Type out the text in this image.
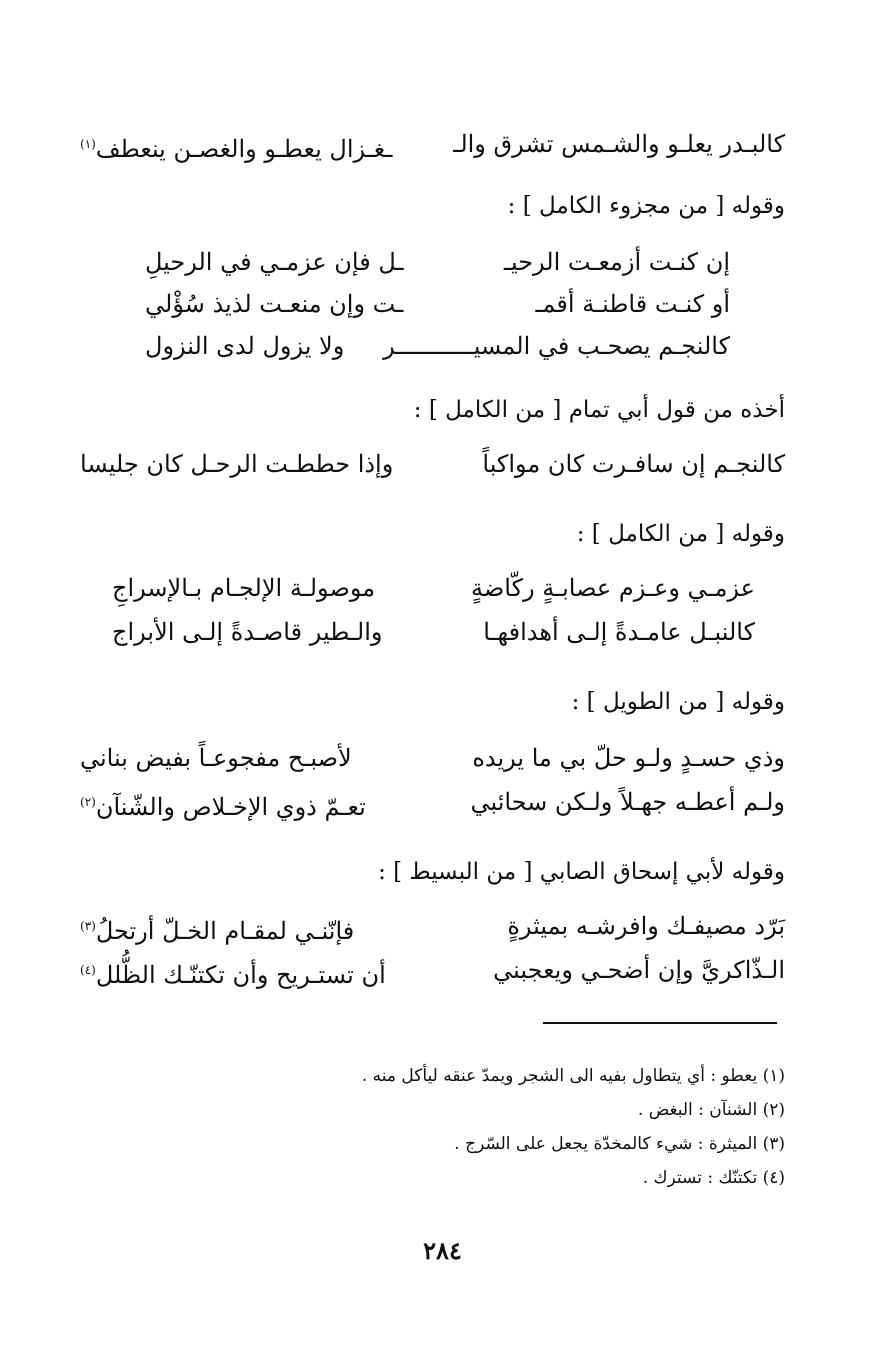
كالبـدر يعلـو والشـمس تشرق والـ
ـغـزال يعطـو والغصـن ينعطف$^{(١)}$
وقوله [ من مجزوء الكامل ] :
إن كنـت أزمعـت الرحيـ
ـل فإن عزمـي في الرحيلِ
أو كنـت قاطنـة أقمـ
ـت وإن منعـت لذيذ سُؤْلي
كالنجـم يصحـب في المسيـــــــــــر
ولا يزول لدى النزول
أخذه من قول أبي تمام [ من الكامل ] :
كالنجـم إن سافـرت كان مواكباً
وإذا حططـت الرحـل كان جليسا
وقوله [ من الكامل ] :
عزمـي وعـزم عصابـةٍ ركّاضةٍ
موصولـة الإلجـام بـالإسراجِ
كالنبـل عامـدةً إلـى أهدافهـا
والـطير قاصـدةً إلـى الأبراج
وقوله [ من الطويل ] :
وذي حسـدٍ ولـو حلّ بي ما يريده
لأصبـح مفجوعـاً بفيض بناني
ولـم أعطـه جهـلاً ولـكن سحائبي
تعـمّ ذوي الإخـلاص والشّنآن$^{(٢)}$
وقوله لأبي إسحاق الصابي [ من البسيط ] :
بَرّد مصيفـك وافرشـه بميثرةٍ
فإنّنـي لمقـام الخـلّ أرتحلُ$^{(٣)}$
الـذّاكريَّ وإن أضحـي ويعجبني
أن تستـريح وأن تكتنّـك الظُّلل$^{(٤)}$
(١) يعطو : أي يتطاول بفيه الى الشجر ويمدّ عنقه ليأكل منه .
(٢) الشنآن : البغض .
(٣) الميثرة : شيء كالمخدّة يجعل على السّرج .
(٤) تكتنّك : تسترك .
٢٨٤
